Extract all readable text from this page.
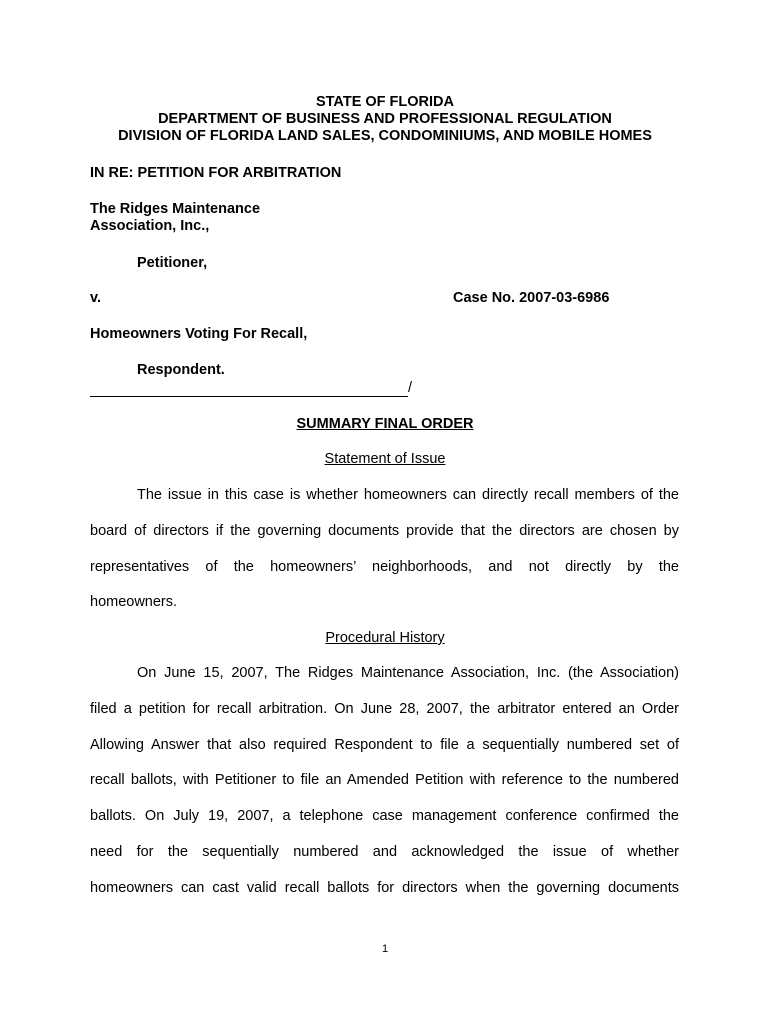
STATE OF FLORIDA
DEPARTMENT OF BUSINESS AND PROFESSIONAL REGULATION
DIVISION OF FLORIDA LAND SALES, CONDOMINIUMS, AND MOBILE HOMES
IN RE: PETITION FOR ARBITRATION
The Ridges Maintenance
Association, Inc.,
Petitioner,
v.	Case No. 2007-03-6986
Homeowners Voting For Recall,
Respondent.
/
SUMMARY FINAL ORDER
Statement of Issue
The issue in this case is whether homeowners can directly recall members of the
board of directors if the governing documents provide that the directors are chosen by
representatives of the homeowners’ neighborhoods, and not directly by the
homeowners.
Procedural History
On June 15, 2007, The Ridges Maintenance Association, Inc. (the Association)
filed a petition for recall arbitration. On June 28, 2007, the arbitrator entered an Order
Allowing Answer that also required Respondent to file a sequentially numbered set of
recall ballots, with Petitioner to file an Amended Petition with reference to the numbered
ballots. On July 19, 2007, a telephone case management conference confirmed the
need for the sequentially numbered and acknowledged the issue of whether
homeowners can cast valid recall ballots for directors when the governing documents
1
